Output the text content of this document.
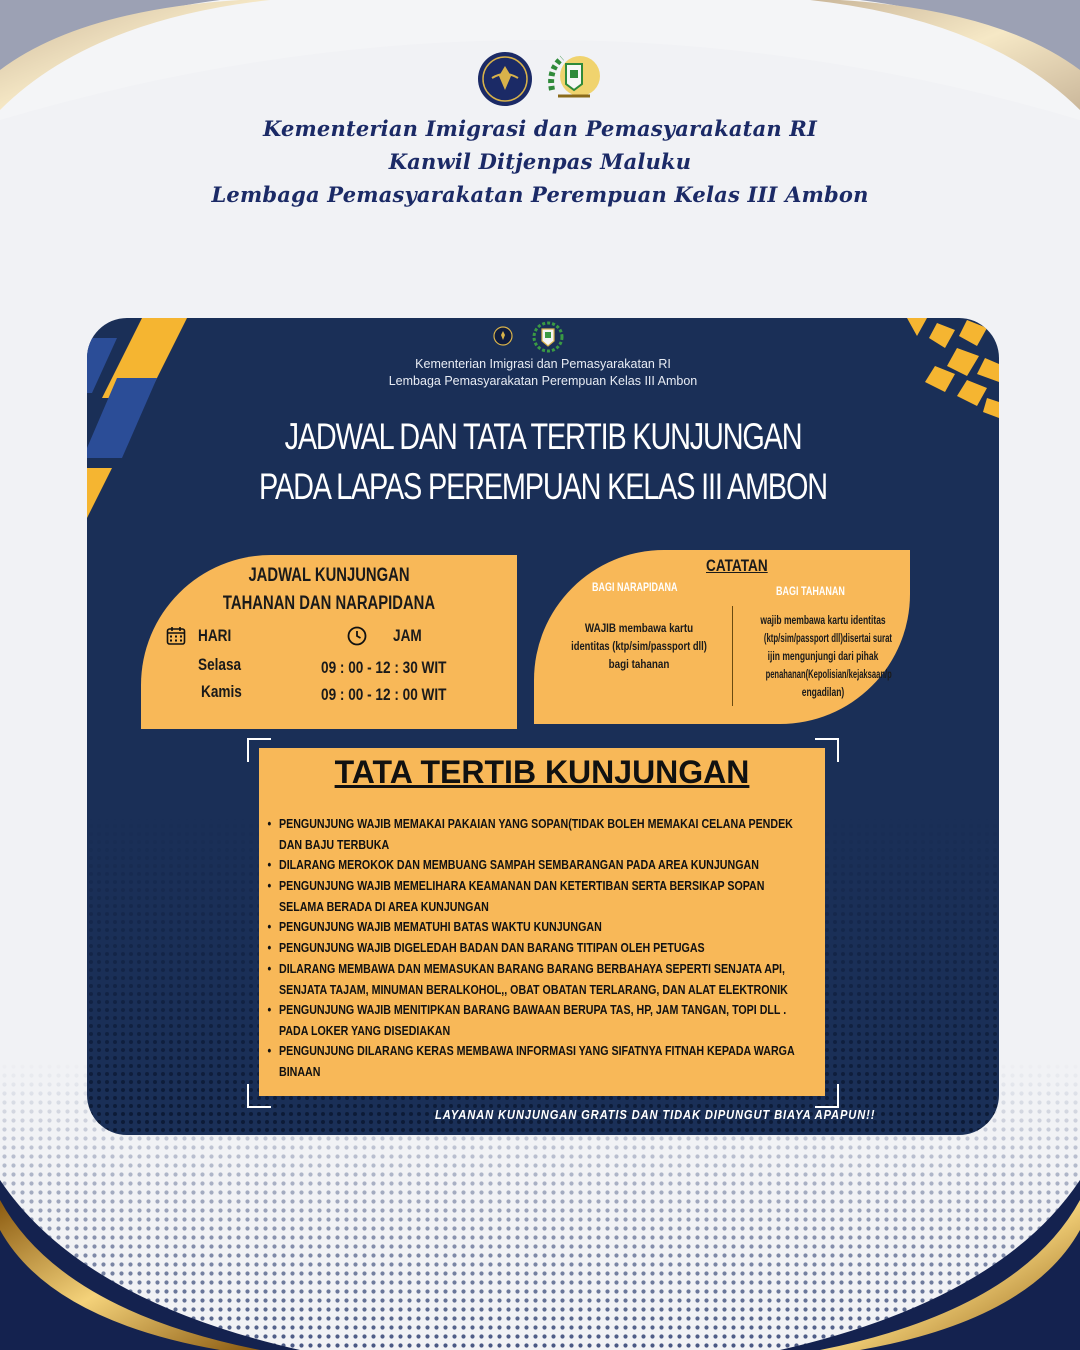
Kementerian Imigrasi dan Pemasyarakatan RI
Kanwil Ditjenpas Maluku
Lembaga Pemasyarakatan Perempuan Kelas III Ambon
Kementerian Imigrasi dan Pemasyarakatan RI
Lembaga Pemasyarakatan Perempuan Kelas III Ambon
JADWAL DAN TATA TERTIB KUNJUNGAN
PADA LAPAS PEREMPUAN KELAS III AMBON
JADWAL KUNJUNGAN
TAHANAN DAN NARAPIDANA
HARI	JAM
Selasa	09 : 00 - 12 : 30 WIT
Kamis	09 : 00 - 12 : 00 WIT
CATATAN
BAGI NARAPIDANA	BAGI TAHANAN
WAJIB membawa kartu
identitas (ktp/sim/passport dll)
bagi tahanan
wajib membawa kartu identitas
(ktp/sim/passport dll)disertai surat
ijin mengunjungi dari pihak
penahanan(Kepolisian/kejaksaan/p
engadilan)
TATA TERTIB KUNJUNGAN
• PENGUNJUNG WAJIB MEMAKAI PAKAIAN YANG SOPAN(TIDAK BOLEH MEMAKAI CELANA PENDEK
DAN BAJU TERBUKA
• DILARANG MEROKOK DAN MEMBUANG SAMPAH SEMBARANGAN PADA AREA KUNJUNGAN
• PENGUNJUNG WAJIB MEMELIHARA KEAMANAN DAN KETERTIBAN SERTA BERSIKAP SOPAN
SELAMA BERADA DI AREA KUNJUNGAN
• PENGUNJUNG WAJIB MEMATUHI BATAS WAKTU KUNJUNGAN
• PENGUNJUNG WAJIB DIGELEDAH BADAN DAN BARANG TITIPAN OLEH PETUGAS
• DILARANG MEMBAWA DAN MEMASUKAN BARANG BARANG BERBAHAYA SEPERTI SENJATA API,
SENJATA TAJAM, MINUMAN BERALKOHOL,, OBAT OBATAN TERLARANG, DAN ALAT ELEKTRONIK
• PENGUNJUNG WAJIB MENITIPKAN BARANG BAWAAN BERUPA TAS, HP, JAM TANGAN, TOPI DLL .
PADA LOKER YANG DISEDIAKAN
• PENGUNJUNG DILARANG KERAS MEMBAWA INFORMASI YANG SIFATNYA FITNAH KEPADA WARGA
BINAAN
LAYANAN KUNJUNGAN GRATIS DAN TIDAK DIPUNGUT BIAYA APAPUN!!
